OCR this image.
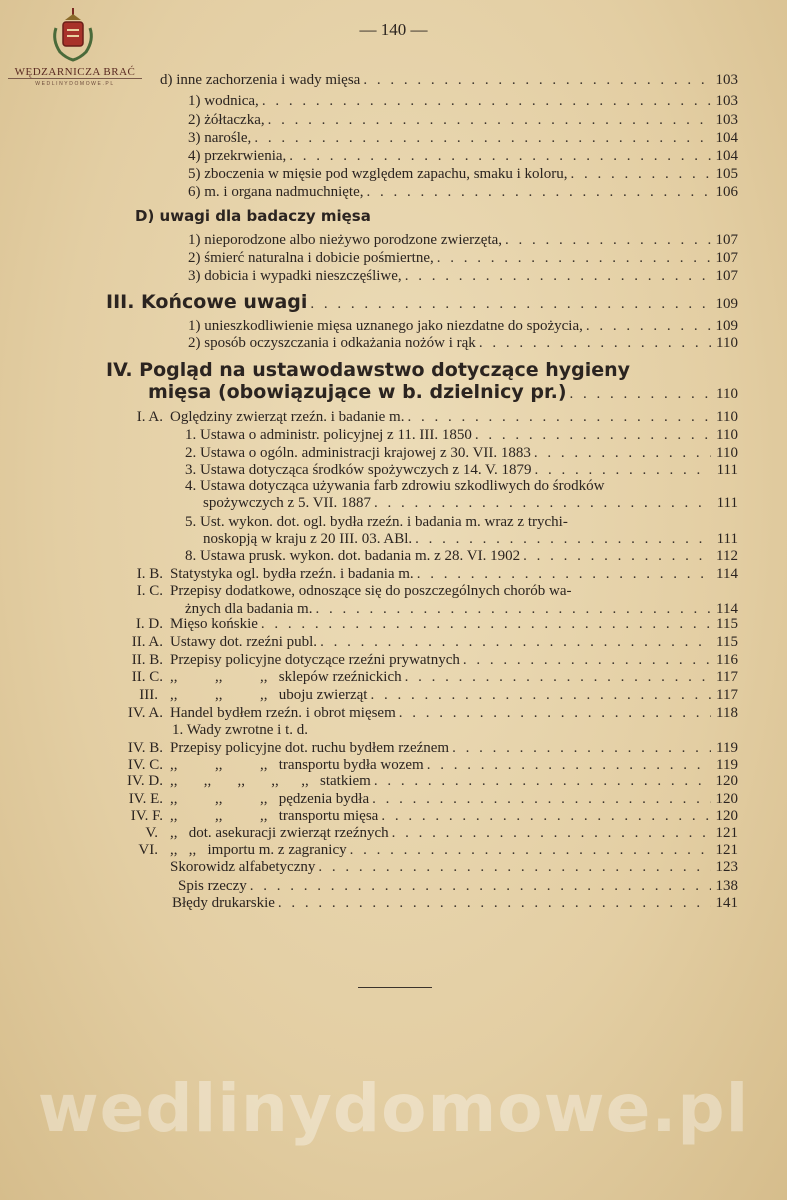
WĘDZARNICZA BRAĆ
WEDLINYDOMOWE.PL
— 140 —
d) inne zachorzenia i wady mięsa . . .	103
1) wodnica, . . .	103
2) żółtaczka, . . .	103
3) narośle, . . .	104
4) przekrwienia, . . .	104
5) zboczenia w mięsie pod względem zapachu, smaku i koloru, . . .	105
6) m. i organa nadmuchnięte, . . .	106
D) uwagi dla badaczy mięsa
1) nieporodzone albo nieżywo porodzone zwierzęta, . . .	107
2) śmierć naturalna i dobicie pośmiertne, . . .	107
3) dobicia i wypadki nieszczęśliwe, . . .	107
III. Końcowe uwagi . . .	109
1) unieszkodliwienie mięsa uznanego jako niezdatne do spożycia, . . .	109
2) sposób oczyszczania i odkażania nożów i rąk . . .	110
IV. Pogląd na ustawodawstwo dotyczące hygieny
mięsa (obowiązujące w b. dzielnicy pr.) . . .	110
I. A. Oględziny zwierząt rzeźn. i badanie m. . . .	110
1. Ustawa o administr. policyjnej z 11. III. 1850 . . .	110
2. Ustawa o ogóln. administracji krajowej z 30. VII. 1883 . . .	110
3. Ustawa dotycząca środków spożywczych z 14. V. 1879 . . .	111
4. Ustawa dotycząca używania farb zdrowiu szkodliwych do środków
spożywczych z 5. VII. 1887 . . .	111
5. Ust. wykon. dot. ogl. bydła rzeźn. i badania m. wraz z trychi-
noskopją w kraju z 20 III. 03. ABl. . . .	111
8. Ustawa prusk. wykon. dot. badania m. z 28. VI. 1902 . . .	112
I. B. Statystyka ogl. bydła rzeźn. i badania m. . . .	114
I. C. Przepisy dodatkowe, odnoszące się do poszczególnych chorób wa-
żnych dla badania m. . . .	114
I. D. Mięso końskie . . .	115
II. A. Ustawy dot. rzeźni publ. . . .	115
II. B. Przepisy policyjne dotyczące rzeźni prywatnych . . .	116
II. C. ,,          ,,          ,,   sklepów rzeźnickich . . .	117
III. ,,          ,,          ,,   uboju zwierząt . . .	117
IV. A. Handel bydłem rzeźn. i obrot mięsem . . .	118
1. Wady zwrotne i t. d.
IV. B. Przepisy policyjne dot. ruchu bydłem rzeźnem . . .	119
IV. C. ,,          ,,          ,,   transportu bydła wozem . . .	119
IV. D. ,,       ,,       ,,       ,,      ,,   statkiem . . .	120
IV. E. ,,          ,,          ,,   pędzenia bydła . . .	120
IV. F. ,,          ,,          ,,   transportu mięsa . . .	120
V. ,,   dot. asekuracji zwierząt rzeźnych . . .	121
VI. ,,   ,,   importu m. z zagranicy . . .	121
Skorowidz alfabetyczny . . .	123
Spis rzeczy . . .	138
Błędy drukarskie . . .	141
wedlinydomowe.pl
